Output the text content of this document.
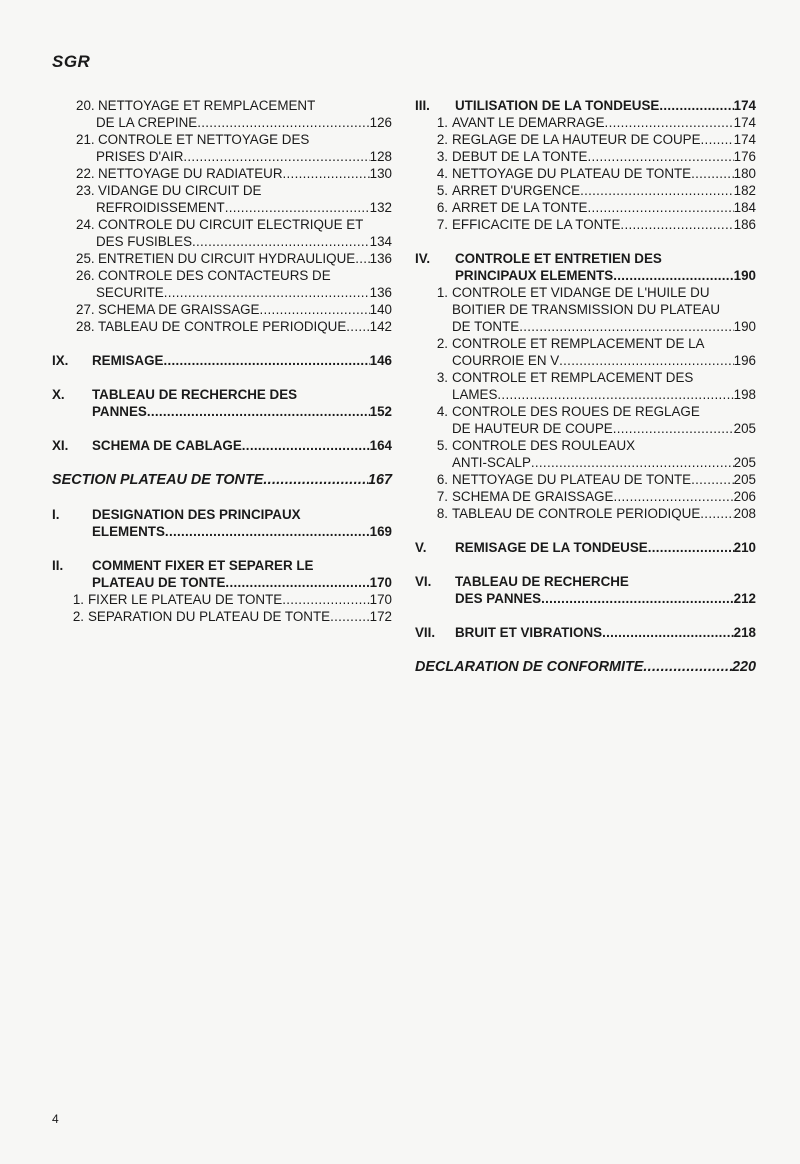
SGR
20. NETTOYAGE ET REMPLACEMENT
DE LA CREPINE .....	126
21. CONTROLE ET NETTOYAGE DES
PRISES D'AIR .....	128
22. NETTOYAGE DU RADIATEUR .....	130
23. VIDANGE DU CIRCUIT DE
REFROIDISSEMENT .....	132
24. CONTROLE DU CIRCUIT ELECTRIQUE ET
DES FUSIBLES .....	134
25. ENTRETIEN DU CIRCUIT HYDRAULIQUE ..... 136
26. CONTROLE DES CONTACTEURS DE
SECURITE .....	136
27. SCHEMA DE GRAISSAGE .....	140
28. TABLEAU DE CONTROLE PERIODIQUE ..... 142
IX.	REMISAGE .....	146
X.	TABLEAU DE RECHERCHE DES
PANNES .....	152
XI.	SCHEMA DE CABLAGE .....	164
SECTION PLATEAU DE TONTE .....	167
I.	DESIGNATION DES PRINCIPAUX
ELEMENTS .....	169
II.	COMMENT FIXER ET SEPARER LE
PLATEAU DE TONTE .....	170
1. FIXER LE PLATEAU DE TONTE .....	170
2. SEPARATION DU PLATEAU DE TONTE .....	172
III.	UTILISATION DE LA TONDEUSE .....	174
1. AVANT LE DEMARRAGE .....	174
2. REGLAGE DE LA HAUTEUR DE COUPE ..... 174
3. DEBUT DE LA TONTE .....	176
4. NETTOYAGE DU PLATEAU DE TONTE .....	180
5. ARRET D'URGENCE .....	182
6. ARRET DE LA TONTE .....	184
7. EFFICACITE DE LA TONTE .....	186
IV.	CONTROLE ET ENTRETIEN DES
PRINCIPAUX ELEMENTS .....	190
1. CONTROLE ET VIDANGE DE L'HUILE DU
BOITIER DE TRANSMISSION DU PLATEAU
DE TONTE .....	190
2. CONTROLE ET REMPLACEMENT DE LA
COURROIE EN V .....	196
3. CONTROLE ET REMPLACEMENT DES
LAMES .....	198
4. CONTROLE DES ROUES DE REGLAGE
DE HAUTEUR DE COUPE .....	205
5. CONTROLE DES ROULEAUX
ANTI-SCALP .....	205
6. NETTOYAGE DU PLATEAU DE TONTE .....	205
7. SCHEMA DE GRAISSAGE .....	206
8. TABLEAU DE CONTROLE PERIODIQUE ..... 208
V.	REMISAGE DE LA TONDEUSE .....	210
VI.	TABLEAU DE RECHERCHE
DES PANNES .....	212
VII.	BRUIT ET VIBRATIONS .....	218
DECLARATION DE CONFORMITE .....	220
4
